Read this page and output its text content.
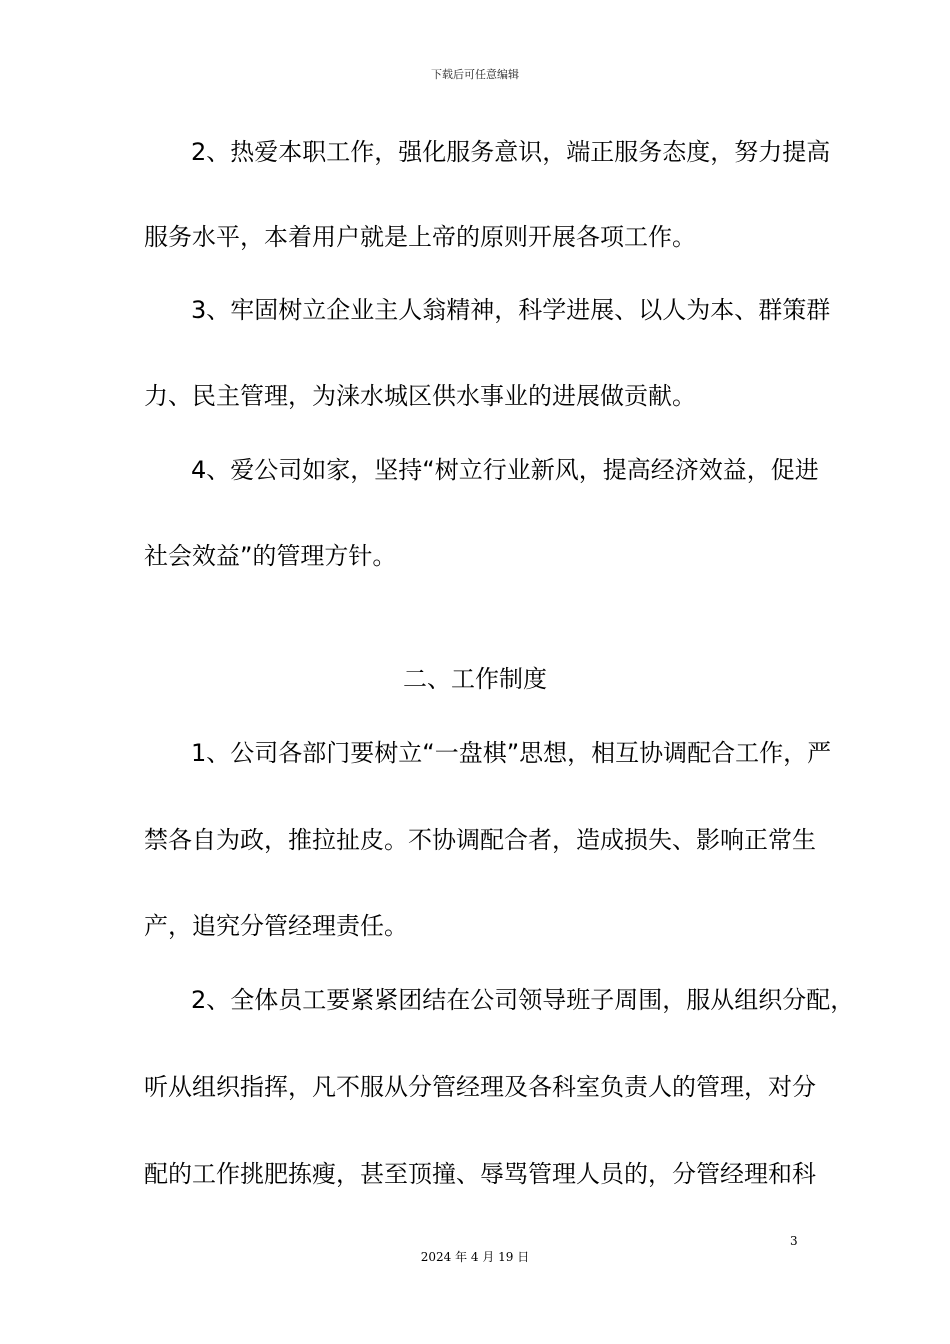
下载后可任意编辑
2、热爱本职工作，强化服务意识，端正服务态度，努力提高
服务水平，本着用户就是上帝的原则开展各项工作。
3、牢固树立企业主人翁精神，科学进展、以人为本、群策群
力、民主管理，为涞水城区供水事业的进展做贡献。
4、爱公司如家，坚持“树立行业新风，提高经济效益，促进
社会效益”的管理方针。
二、工作制度
1、公司各部门要树立“一盘棋”思想，相互协调配合工作，严
禁各自为政，推拉扯皮。不协调配合者，造成损失、影响正常生
产，追究分管经理责任。
2、全体员工要紧紧团结在公司领导班子周围，服从组织分配，
听从组织指挥，凡不服从分管经理及各科室负责人的管理，对分
配的工作挑肥拣瘦，甚至顶撞、辱骂管理人员的，分管经理和科
3
2024 年 4 月 19 日
